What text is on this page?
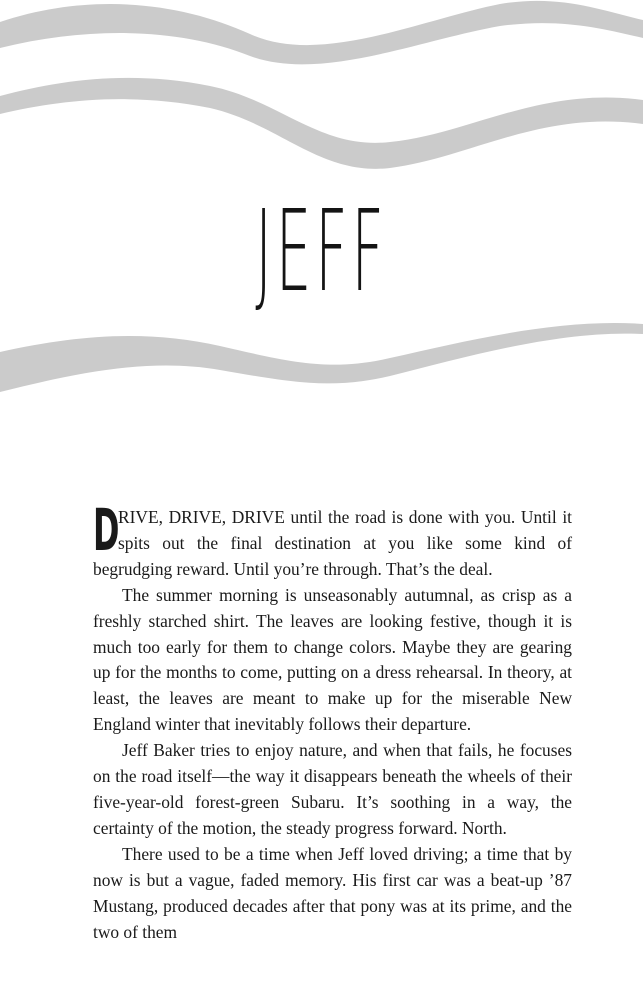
JEFF

D
RIVE, DRIVE, DRIVE until the road is done with you. Until it spits out the final destination at you like some kind of begrudging reward. Until you’re through. That’s the deal.

The summer morning is unseasonably autumnal, as crisp as a freshly starched shirt. The leaves are looking festive, though it is much too early for them to change colors. Maybe they are gearing up for the months to come, putting on a dress rehearsal. In theory, at least, the leaves are meant to make up for the miserable New England winter that inevitably follows their departure.

Jeff Baker tries to enjoy nature, and when that fails, he focuses on the road itself—the way it disappears beneath the wheels of their five-year-old forest-green Subaru. It’s soothing in a way, the certainty of the motion, the steady progress forward. North.

There used to be a time when Jeff loved driving; a time that by now is but a vague, faded memory. His first car was a beat-up ’87 Mustang, produced decades after that pony was at its prime, and the two of them
